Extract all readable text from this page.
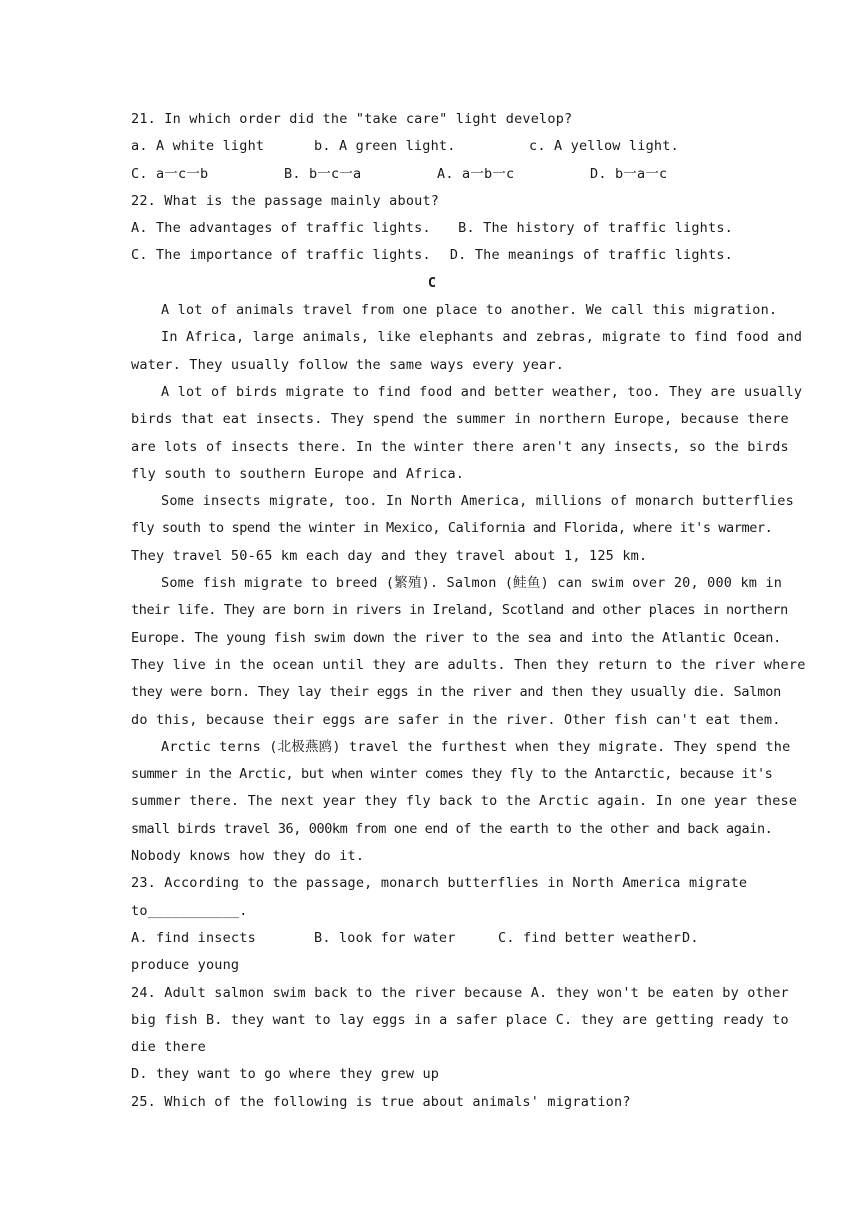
21. In which order did the "take care" light develop?
a. A white light	b. A green light.	c. A yellow light.
C. a一c一b	B. b一c一a	A. a一b一c	D. b一a一c
22. What is the passage mainly about?
A. The advantages of traffic lights.	B. The history of traffic lights.
C. The importance of traffic lights.	D. The meanings of traffic lights.
C
A lot of animals travel from one place to another. We call this migration.
In Africa, large animals, like elephants and zebras, migrate to find food and
water. They usually follow the same ways every year.
A lot of birds migrate to find food and better weather, too. They are usually
birds that eat insects. They spend the summer in northern Europe, because there
are lots of insects there. In the winter there aren't any insects, so the birds
fly south to southern Europe and Africa.
Some insects migrate, too. In North America, millions of monarch butterflies
fly south to spend the winter in Mexico, California and Florida, where it's warmer.
They travel 50-65 km each day and they travel about 1, 125 km.
Some fish migrate to breed (繁殖). Salmon (鲑鱼) can swim over 20, 000 km in
their life. They are born in rivers in Ireland, Scotland and other places in northern
Europe. The young fish swim down the river to the sea and into the Atlantic Ocean.
They live in the ocean until they are adults. Then they return to the river where
they were born. They lay their eggs in the river and then they usually die. Salmon
do this, because their eggs are safer in the river. Other fish can't eat them.
Arctic terns (北极燕鸥) travel the furthest when they migrate. They spend the
summer in the Arctic, but when winter comes they fly to the Antarctic, because it's
summer there. The next year they fly back to the Arctic again. In one year these
small birds travel 36, 000km from one end of the earth to the other and back again.
Nobody knows how they do it.
23. According to the passage, monarch butterflies in North America migrate
to___________.
A. find insects	B. look for water	C. find better weather D.
produce young
24. Adult salmon swim back to the river because A. they won't be eaten by other
big fish B. they want to lay eggs in a safer place C. they are getting ready to
die there
D. they want to go where they grew up
25. Which of the following is true about animals' migration?
